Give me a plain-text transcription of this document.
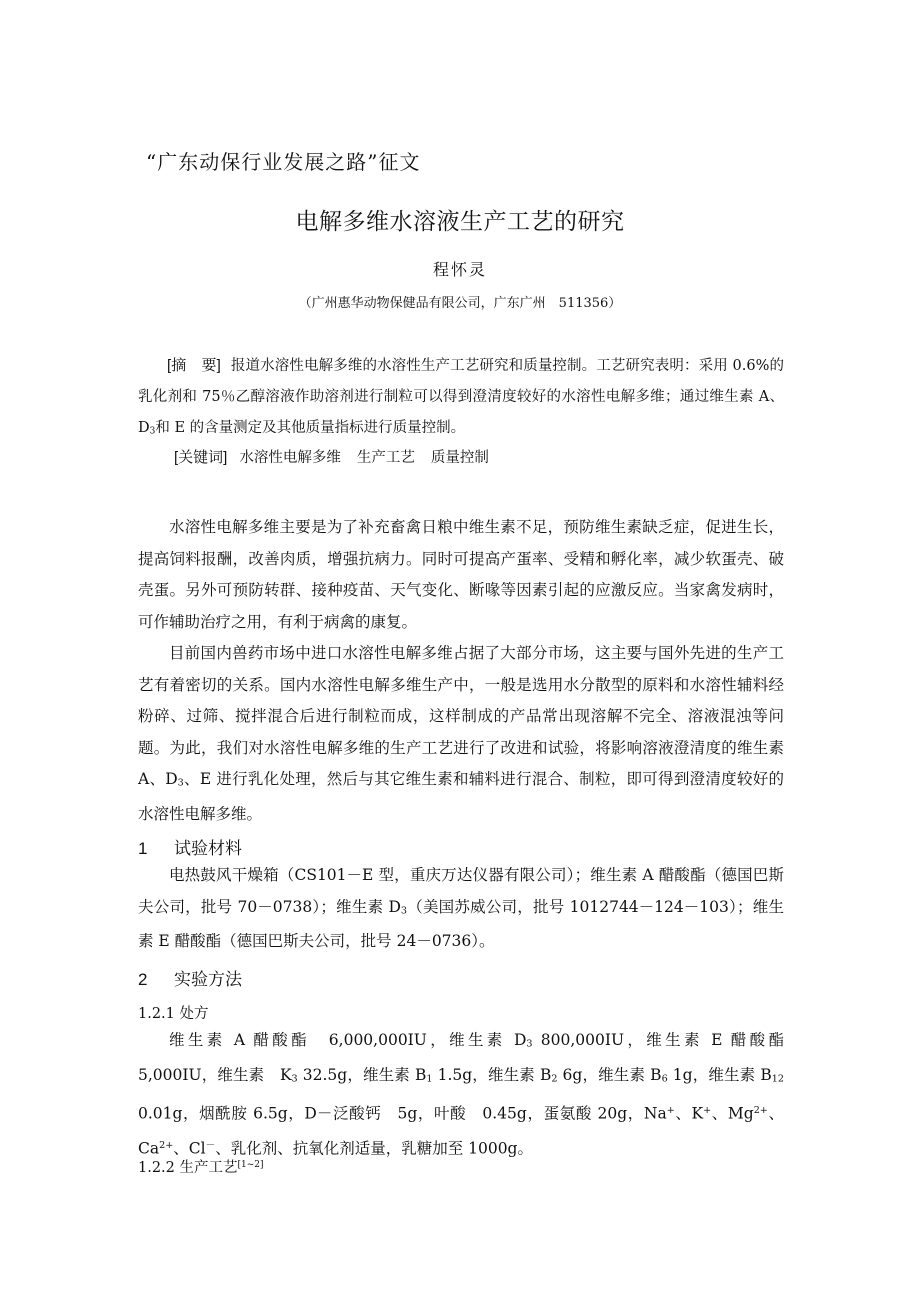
“广东动保行业发展之路”征文
电解多维水溶液生产工艺的研究
程怀灵
（广州惠华动物保健品有限公司，广东广州　511356）

[摘　要] 报道水溶性电解多维的水溶性生产工艺研究和质量控制。工艺研究表明：采用 0.6%的乳化剂和 75％乙醇溶液作助溶剂进行制粒可以得到澄清度较好的水溶性电解多维；通过维生素 A、$D_3$和 E 的含量测定及其他质量指标进行质量控制。

[关键词] 水溶性电解多维 生产工艺 质量控制

水溶性电解多维主要是为了补充畜禽日粮中维生素不足，预防维生素缺乏症，促进生长，提高饲料报酬，改善肉质，增强抗病力。同时可提高产蛋率、受精和孵化率，减少软蛋壳、破壳蛋。另外可预防转群、接种疫苗、天气变化、断喙等因素引起的应激反应。当家禽发病时，可作辅助治疗之用，有利于病禽的康复。

目前国内兽药市场中进口水溶性电解多维占据了大部分市场，这主要与国外先进的生产工艺有着密切的关系。国内水溶性电解多维生产中，一般是选用水分散型的原料和水溶性辅料经粉碎、过筛、搅拌混合后进行制粒而成，这样制成的产品常出现溶解不完全、溶液混浊等问题。为此，我们对水溶性电解多维的生产工艺进行了改进和试验，将影响溶液澄清度的维生素 A、$D_3$、E 进行乳化处理，然后与其它维生素和辅料进行混合、制粒，即可得到澄清度较好的水溶性电解多维。

1 试验材料

电热鼓风干燥箱（CS101－E 型，重庆万达仪器有限公司）；维生素 A 醋酸酯（德国巴斯夫公司，批号 70－0738）；维生素 $D_3$（美国苏威公司，批号 1012744－124－103）；维生素 E 醋酸酯（德国巴斯夫公司，批号 24－0736）。

2 实验方法
1.2.1 处方

维生素 A 醋酸酯　6,000,000IU，维生素 $D_3$ 800,000IU，维生素 E 醋酸酯　5,000IU，维生素　$K_3$ 32.5g，维生素 $B_1$ 1.5g，维生素 $B_2$ 6g，维生素 $B_6$ 1g，维生素 $B_{12}$ 0.01g，烟酰胺 6.5g，D－泛酸钙　5g，叶酸　0.45g，蛋氨酸 20g，Na+、K+、$Mg^{2+}$、$Ca^{2+}$、Cl－、乳化剂、抗氧化剂适量，乳糖加至 1000g。

1.2.2 生产工艺[1~2]
